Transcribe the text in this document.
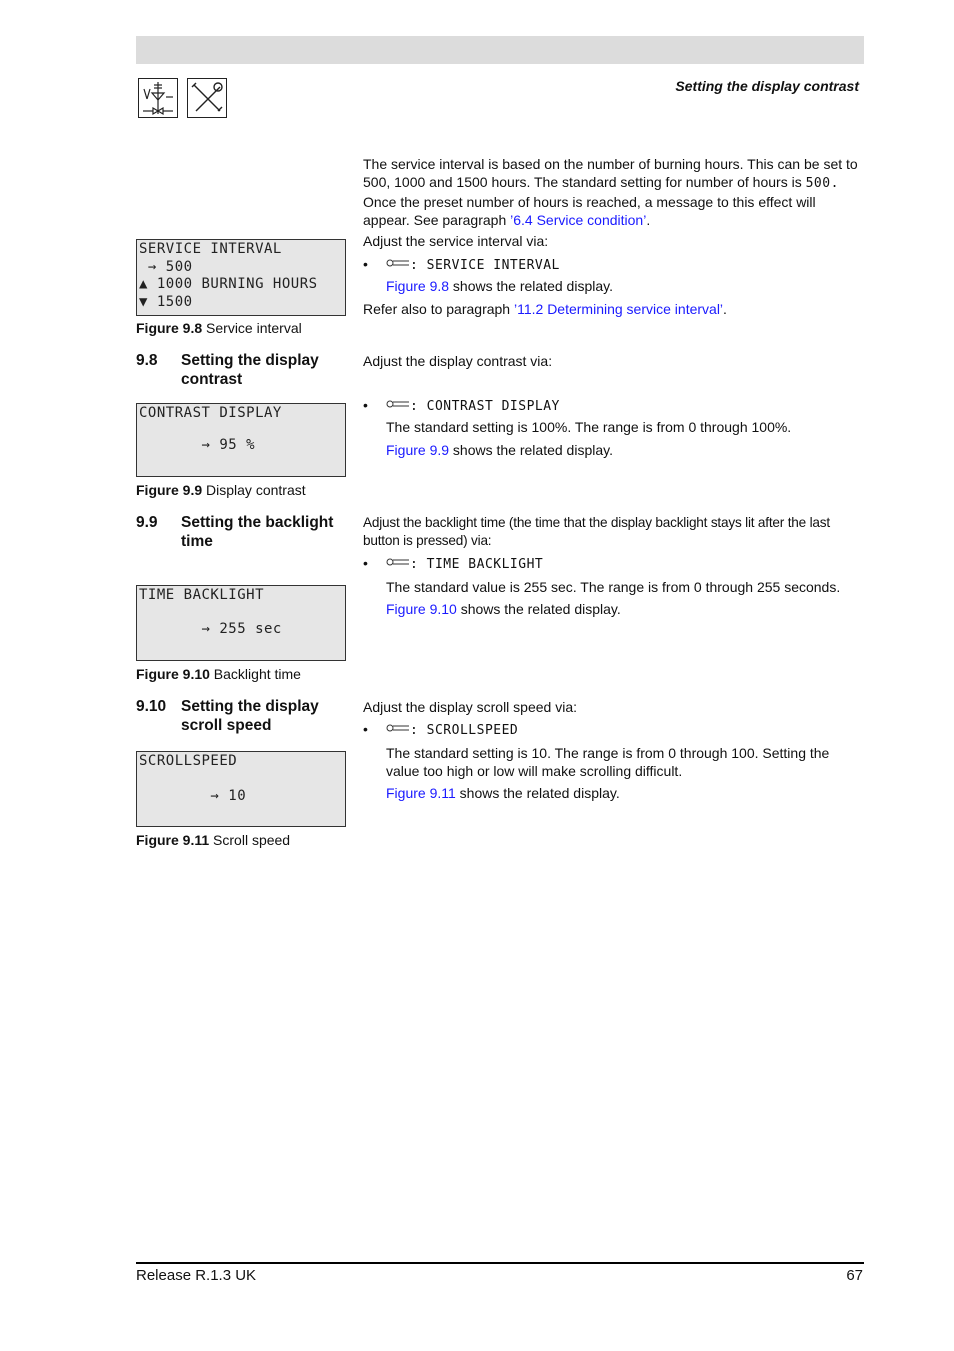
Setting the display contrast
The service interval is based on the number of burning hours. This can be set to 500, 1000 and 1500 hours. The standard setting for number of hours is 500. Once the preset number of hours is reached, a message to this effect will appear. See paragraph ’6.4 Service condition’.
Adjust the service interval via:
•	: SERVICE INTERVAL
Figure 9.8 shows the related display.
Refer also to paragraph ’11.2 Determining service interval’.
SERVICE INTERVAL
→ 500
▲ 1000 BURNING HOURS
▼ 1500
Figure 9.8 Service interval
9.8 Setting the display contrast
Adjust the display contrast via:
•	: CONTRAST DISPLAY
The standard setting is 100%. The range is from 0 through 100%.
Figure 9.9 shows the related display.
CONTRAST DISPLAY
→ 95 %
Figure 9.9 Display contrast
9.9 Setting the backlight time
Adjust the backlight time (the time that the display backlight stays lit after the last button is pressed) via:
•	: TIME BACKLIGHT
The standard value is 255 sec. The range is from 0 through 255 seconds.
Figure 9.10 shows the related display.
TIME BACKLIGHT
→ 255 sec
Figure 9.10 Backlight time
9.10 Setting the display scroll speed
Adjust the display scroll speed via:
•	: SCROLLSPEED
The standard setting is 10. The range is from 0 through 100. Setting the value too high or low will make scrolling difficult.
Figure 9.11 shows the related display.
SCROLLSPEED
→ 10
Figure 9.11 Scroll speed
Release R.1.3 UK	67
